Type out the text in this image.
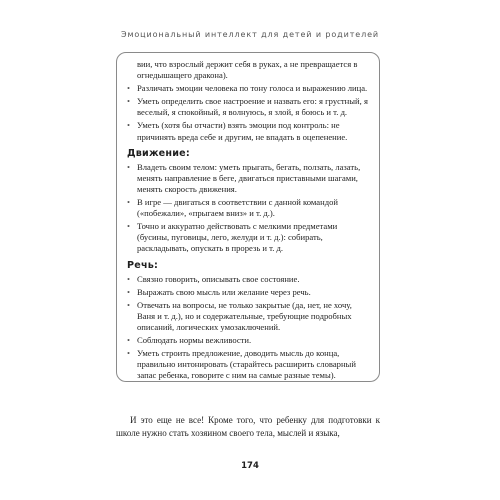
Эмоциональный интеллект для детей и родителей

вии, что взрослый держит себя в руках, а не превращается в огнедышащего дракона).

• Различать эмоции человека по тону голоса и выражению лица.
• Уметь определить свое настроение и назвать его: я грустный, я веселый, я спокойный, я волнуюсь, я злой, я боюсь и т. д.
• Уметь (хотя бы отчасти) взять эмоции под контроль: не причинять вреда себе и другим, не впадать в оцепенение.
Движение:
• Владеть своим телом: уметь прыгать, бегать, ползать, лазать, менять направление в беге, двигаться приставными шагами, менять скорость движения.
• В игре — двигаться в соответствии с данной командой («побежали», «прыгаем вниз» и т. д.).
• Точно и аккуратно действовать с мелкими предметами (бусины, пуговицы, лего, желуди и т. д.): собирать, раскладывать, опускать в прорезь и т. д.
Речь:
• Связно говорить, описывать свое состояние.
• Выражать свою мысль или желание через речь.
• Отвечать на вопросы, не только закрытые (да, нет, не хочу, Ваня и т. д.), но и содержательные, требующие подробных описаний, логических умозаключений.
• Соблюдать нормы вежливости.
• Уметь строить предложение, доводить мысль до конца, правильно интонировать (старайтесь расширить словарный запас ребенка, говорите с ним на самые разные темы).

И это еще не все! Кроме того, что ребенку для подготовки к школе нужно стать хозяином своего тела, мыслей и языка,

174
